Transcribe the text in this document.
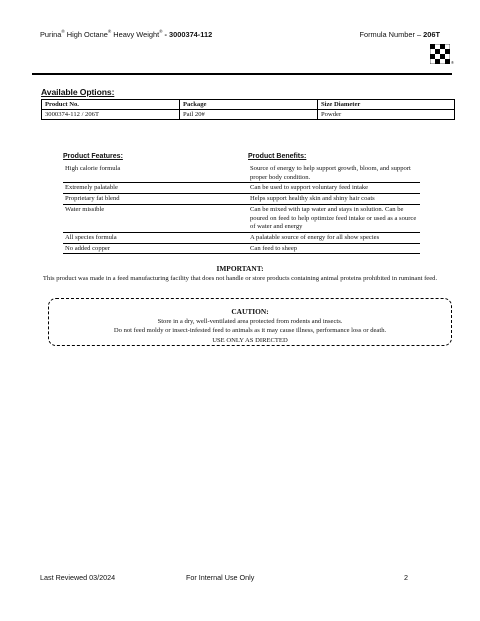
Purina® High Octane® Heavy Weight® - 3000374-112	Formula Number – 206T
®
Available Options:
Product No.	Package	Size Diameter
3000374-112 / 206T	Pail 20#	Powder
Product Features:	Product Benefits:
High calorie formula	Source of energy to help support growth, bloom, and support proper body condition.
Extremely palatable	Can be used to support voluntary feed intake
Proprietary fat blend	Helps support healthy skin and shiny hair coats
Water missible	Can be mixed with tap water and stays in solution. Can be poured on feed to help optimize feed intake or used as a source of water and energy
All species formula	A palatable source of energy for all show species
No added copper	Can feed to sheep
IMPORTANT:
This product was made in a feed manufacturing facility that does not handle or store products containing animal proteins prohibited in ruminant feed.
CAUTION:
Store in a dry, well-ventilated area protected from rodents and insects.
Do not feed moldy or insect-infested feed to animals as it may cause illness, performance loss or death.
USE ONLY AS DIRECTED
Last Reviewed 03/2024	For Internal Use Only	2
